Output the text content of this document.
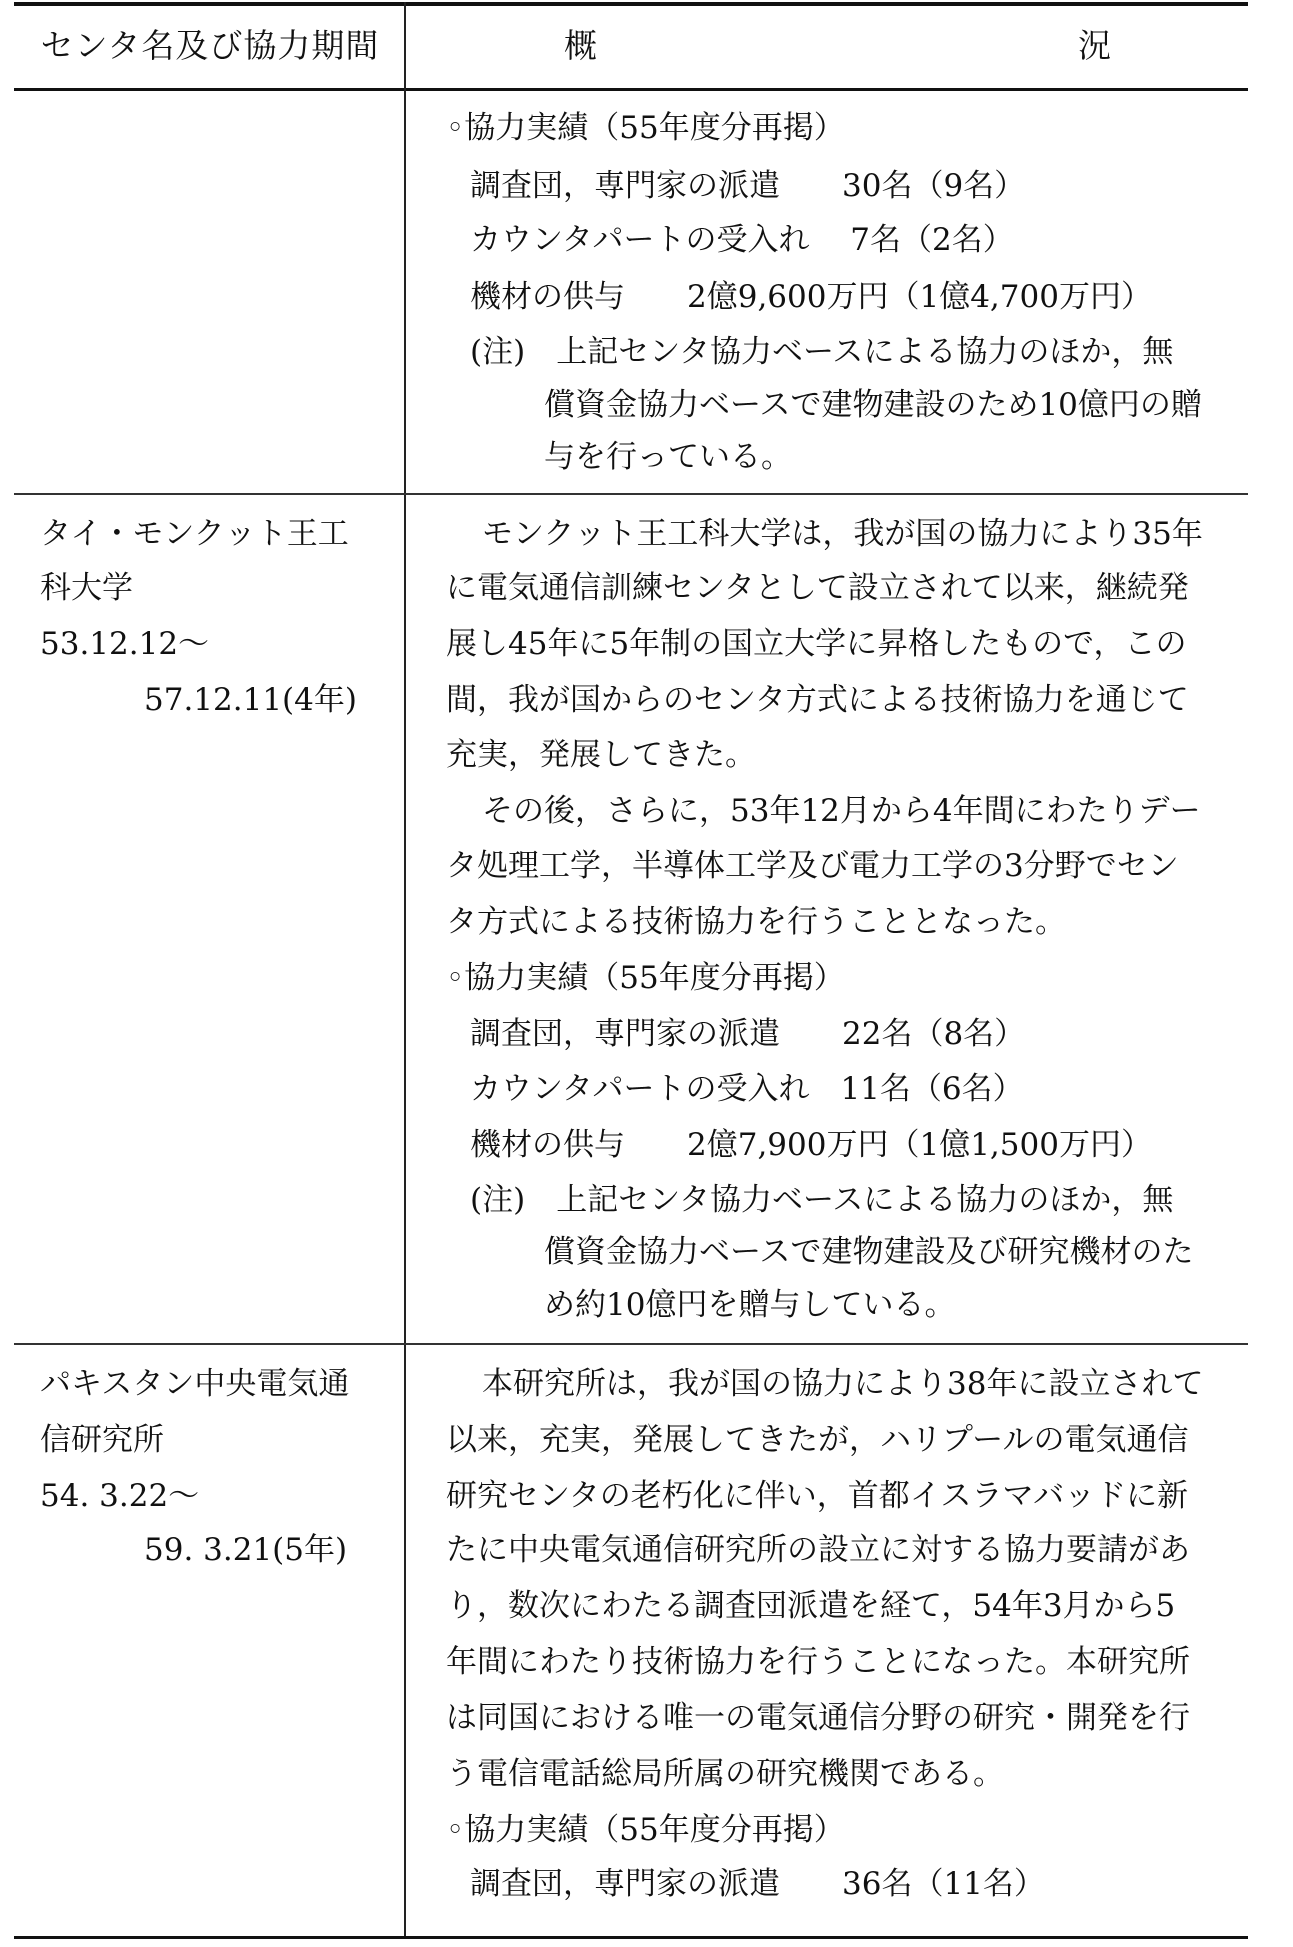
センタ名及び協力期間	概	況
◦協力実績（55年度分再掲）
調査団，専門家の派遣　　30名（9名）
カウンタパートの受入れ　 7名（2名）
機材の供与　　2億9,600万円（1億4,700万円）
(注)　上記センタ協力ベースによる協力のほか，無
償資金協力ベースで建物建設のため10億円の贈
与を行っている。
タイ・モンクット王工
科大学
53.12.12～
57.12.11(4年)
モンクット王工科大学は，我が国の協力により35年
に電気通信訓練センタとして設立されて以来，継続発
展し45年に5年制の国立大学に昇格したもので，この
間，我が国からのセンタ方式による技術協力を通じて
充実，発展してきた。
その後，さらに，53年12月から4年間にわたりデー
タ処理工学，半導体工学及び電力工学の3分野でセン
タ方式による技術協力を行うこととなった。
◦協力実績（55年度分再掲）
調査団，専門家の派遣　　22名（8名）
カウンタパートの受入れ　11名（6名）
機材の供与　　2億7,900万円（1億1,500万円）
(注)　上記センタ協力ベースによる協力のほか，無
償資金協力ベースで建物建設及び研究機材のた
め約10億円を贈与している。
パキスタン中央電気通
信研究所
54. 3.22～
59. 3.21(5年)
本研究所は，我が国の協力により38年に設立されて
以来，充実，発展してきたが，ハリプールの電気通信
研究センタの老朽化に伴い，首都イスラマバッドに新
たに中央電気通信研究所の設立に対する協力要請があ
り，数次にわたる調査団派遣を経て，54年3月から5
年間にわたり技術協力を行うことになった。本研究所
は同国における唯一の電気通信分野の研究・開発を行
う電信電話総局所属の研究機関である。
◦協力実績（55年度分再掲）
調査団，専門家の派遣　　36名（11名）
